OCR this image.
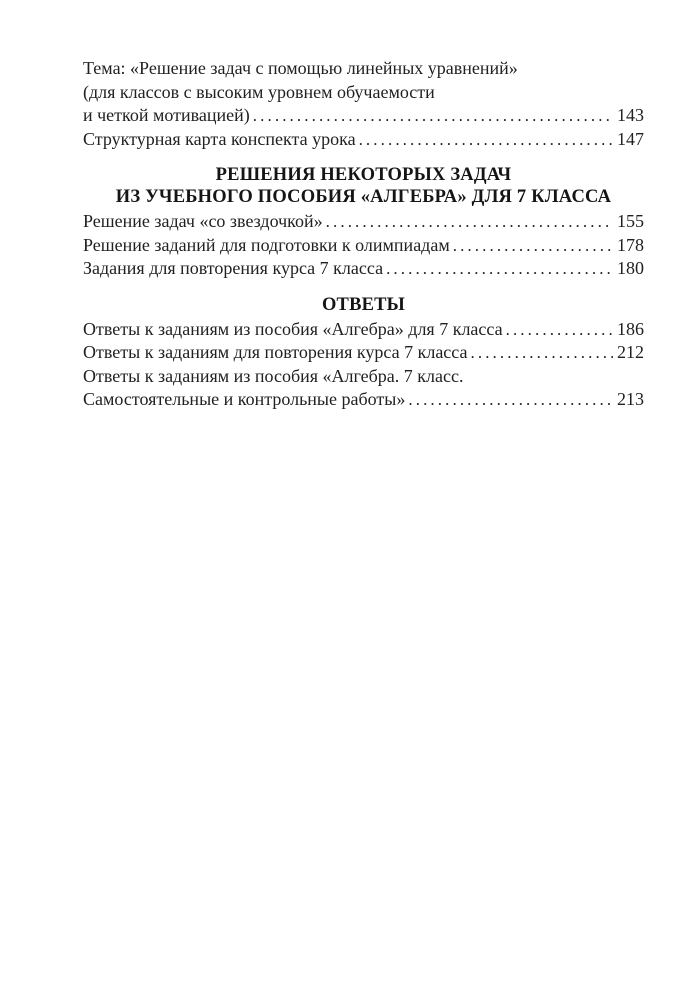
Тема: «Решение задач с помощью линейных уравнений»
(для классов с высоким уровнем обучаемости
и четкой мотивацией) .....	143
Структурная карта конспекта урока .....	147
РЕШЕНИЯ НЕКОТОРЫХ ЗАДАЧ
ИЗ УЧЕБНОГО ПОСОБИЯ «АЛГЕБРА» ДЛЯ 7 КЛАССА
Решение задач «со звездочкой» .....	155
Решение заданий для подготовки к олимпиадам .....	178
Задания для повторения курса 7 класса .....	180
ОТВЕТЫ
Ответы к заданиям из пособия «Алгебра» для 7 класса .....	186
Ответы к заданиям для повторения курса 7 класса .....	212
Ответы к заданиям из пособия «Алгебра. 7 класс.
Самостоятельные и контрольные работы» .....	213
